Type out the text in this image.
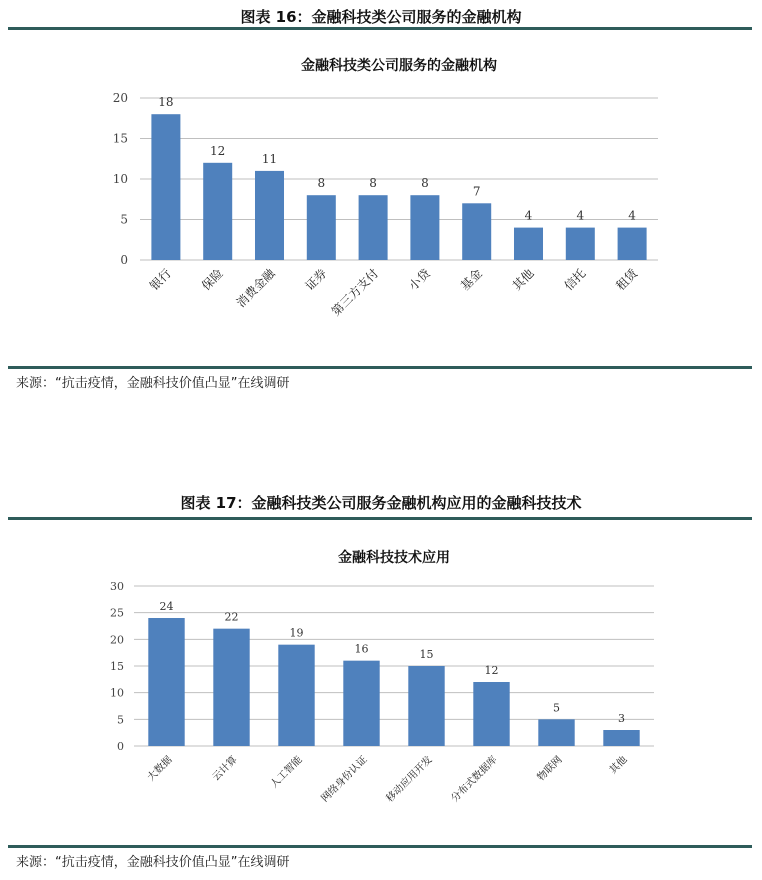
图表 16：金融科技类公司服务的金融机构
金融科技类公司服务的金融机构
0
5
10
15
20	18
银行
12
保险
11
消费金融
8
证券
8
第三方支付
8
小贷
7
基金
4
其他
4
信托
4
租赁
来源：“抗击疫情，金融科技价值凸显”在线调研
图表 17：金融科技类公司服务金融机构应用的金融科技技术
金融科技技术应用
0
5
10
15
20
25
30
24
大数据
22
云计算
19
人工智能
16
网络身份认证
15
移动应用开发
12
分布式数据库
5
物联网
3
其他
来源：“抗击疫情，金融科技价值凸显”在线调研
